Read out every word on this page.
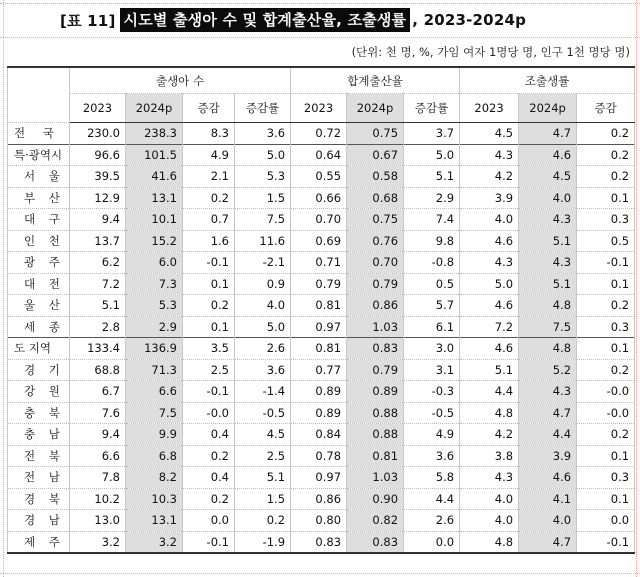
[표 11] 시도별 출생아 수 및 합계출산율, 조출생률 , 2023-2024p
(단위: 천 명, %, 가임 여자 1명당 명, 인구 1천 명당 명)
	출생아 수				합계출산율			조출생률		
	2023	2024p	증감	증감률	2023	2024p	증감률	2023	2024p	증감
전 국	230.0	238.3	8.3	3.6	0.72	0.75	3.7	4.5	4.7	0.2
특·광역시	96.6	101.5	4.9	5.0	0.64	0.67	5.0	4.3	4.6	0.2
서 울	39.5	41.6	2.1	5.3	0.55	0.58	5.1	4.2	4.5	0.2
부 산	12.9	13.1	0.2	1.5	0.66	0.68	2.9	3.9	4.0	0.1
대 구	9.4	10.1	0.7	7.5	0.70	0.75	7.4	4.0	4.3	0.3
인 천	13.7	15.2	1.6	11.6	0.69	0.76	9.8	4.6	5.1	0.5
광 주	6.2	6.0	-0.1	-2.1	0.71	0.70	-0.8	4.3	4.3	-0.1
대 전	7.2	7.3	0.1	0.9	0.79	0.79	0.5	5.0	5.1	0.1
울 산	5.1	5.3	0.2	4.0	0.81	0.86	5.7	4.6	4.8	0.2
세 종	2.8	2.9	0.1	5.0	0.97	1.03	6.1	7.2	7.5	0.3
도 지역	133.4	136.9	3.5	2.6	0.81	0.83	3.0	4.6	4.8	0.1
경 기	68.8	71.3	2.5	3.6	0.77	0.79	3.1	5.1	5.2	0.2
강 원	6.7	6.6	-0.1	-1.4	0.89	0.89	-0.3	4.4	4.3	-0.0
충 북	7.6	7.5	-0.0	-0.5	0.89	0.88	-0.5	4.8	4.7	-0.0
충 남	9.4	9.9	0.4	4.5	0.84	0.88	4.9	4.2	4.4	0.2
전 북	6.6	6.8	0.2	2.5	0.78	0.81	3.6	3.8	3.9	0.1
전 남	7.8	8.2	0.4	5.1	0.97	1.03	5.8	4.3	4.6	0.3
경 북	10.2	10.3	0.2	1.5	0.86	0.90	4.4	4.0	4.1	0.1
경 남	13.0	13.1	0.0	0.2	0.80	0.82	2.6	4.0	4.0	0.0
제 주	3.2	3.2	-0.1	-1.9	0.83	0.83	0.0	4.8	4.7	-0.1
